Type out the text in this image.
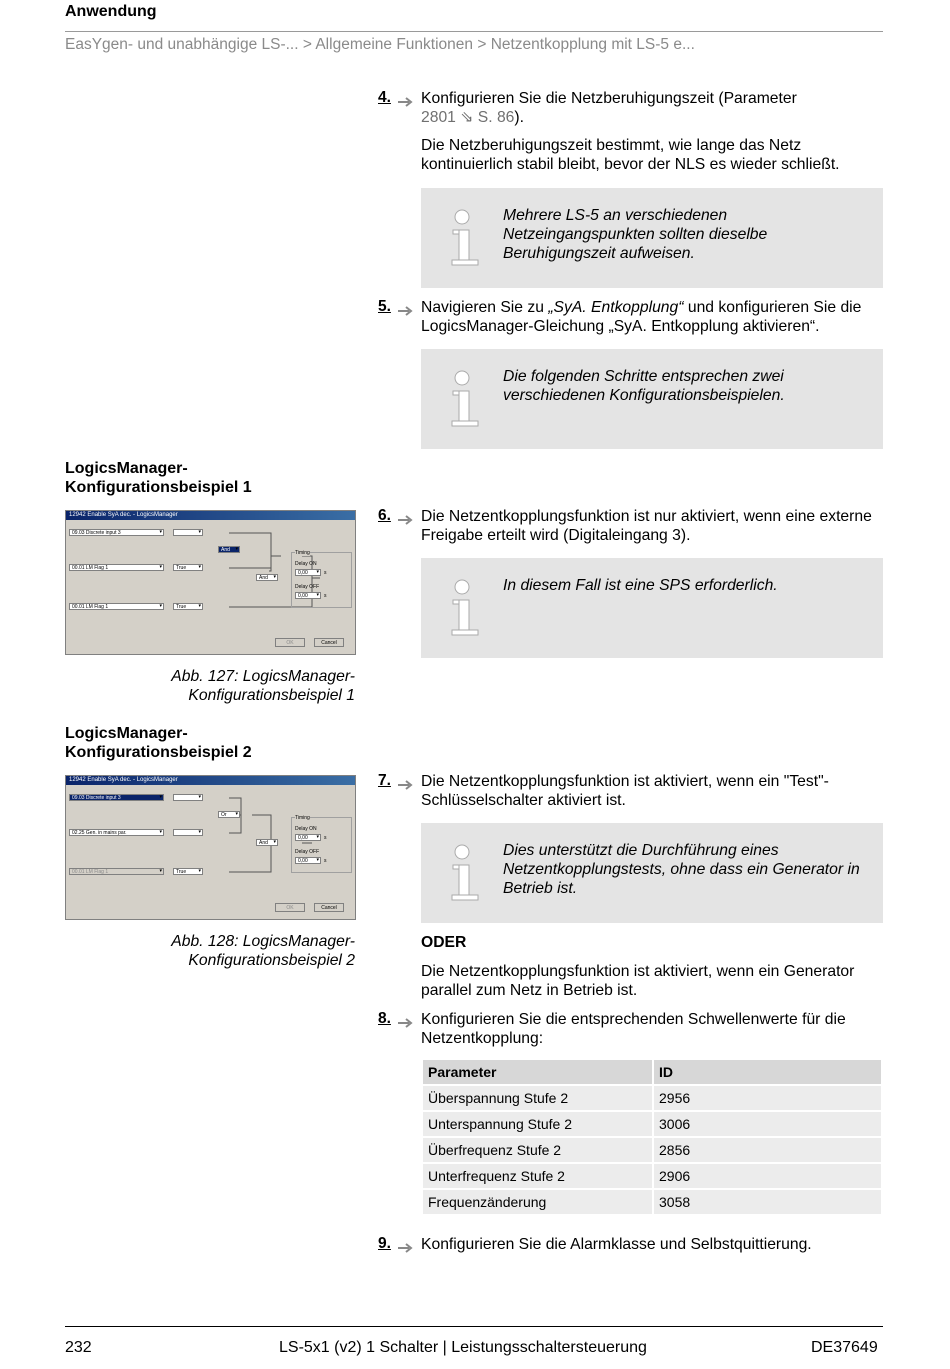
Anwendung
EasYgen- und unabhängige LS-... > Allgemeine Funktionen > Netzentkopplung mit LS-5 e...
4. Konfigurieren Sie die Netzberuhigungszeit (Parameter
2801 ⇘ S. 86).
Die Netzberuhigungszeit bestimmt, wie lange das Netz kontinuierlich stabil bleibt, bevor der NLS es wieder schließt.
Mehrere LS-5 an verschiedenen Netzeingangspunkten sollten dieselbe Beruhigungszeit aufweisen.
5. Navigieren Sie zu „SyA. Entkopplung“ und konfigurieren Sie die LogicsManager-Gleichung „SyA. Entkopplung aktivieren“.
Die folgenden Schritte entsprechen zwei verschiedenen Konfigurationsbeispielen.
LogicsManager-Konfigurationsbeispiel 1
12942 Enable SyA dec. - LogicsManager
09.03 Discrete input 3 ▾
▾
00.01 LM Flag 1 ▾	True ▾
00.01 LM Flag 1 ▾	True ▾
And ▾
And ▾
Timing
Delay ON
0,00 ▾	s
Delay OFF
0,00 ▾	s
OK	Cancel
Abb. 127: LogicsManager-Konfigurationsbeispiel 1
6. Die Netzentkopplungsfunktion ist nur aktiviert, wenn eine externe Freigabe erteilt wird (Digitaleingang 3).
In diesem Fall ist eine SPS erforderlich.
LogicsManager-Konfigurationsbeispiel 2
12942 Enable SyA dec. - LogicsManager
09.03 Discrete input 3 ▾
▾
02.25 Gen. in mains par. ▾
▾
00.01 LM Flag 1 ▾	True ▾
Or ▾
And ▾
Timing
Delay ON
0,00 ▾	s
Delay OFF
0,00 ▾	s
OK	Cancel
Abb. 128: LogicsManager-Konfigurationsbeispiel 2
7. Die Netzentkopplungsfunktion ist aktiviert, wenn ein "Test"-Schlüsselschalter aktiviert ist.
Dies unterstützt die Durchführung eines Netzentkopplungstests, ohne dass ein Generator in Betrieb ist.
ODER
Die Netzentkopplungsfunktion ist aktiviert, wenn ein Generator parallel zum Netz in Betrieb ist.
8. Konfigurieren Sie die entsprechenden Schwellenwerte für die Netzentkopplung:
Parameter	ID
Überspannung Stufe 2	2956
Unterspannung Stufe 2	3006
Überfrequenz Stufe 2	2856
Unterfrequenz Stufe 2	2906
Frequenzänderung	3058
9. Konfigurieren Sie die Alarmklasse und Selbstquittierung.
232	LS-5x1 (v2) 1 Schalter | Leistungsschaltersteuerung	DE37649
